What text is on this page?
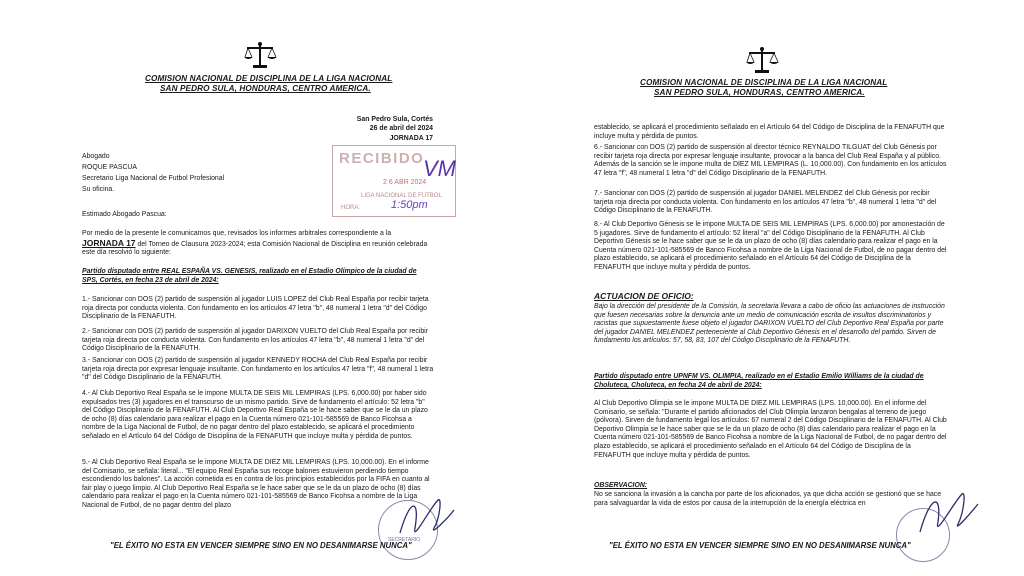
COMISION NACIONAL DE DISCIPLINA DE LA LIGA NACIONAL
SAN PEDRO SULA, HONDURAS, CENTRO AMERICA.
San Pedro Sula, Cortés
26 de abril del 2024
JORNADA 17
Abogado
ROQUE PASCUA
Secretario Liga Nacional de Futbol Profesional
Su oficina.
RECIBIDO
2 6 ABR 2024
LIGA NACIONAL DE FUTBOL
HORA:	1:50pm
VM
Estimado Abogado Pascua:

Por medio de la presente le comunicamos que, revisados los informes arbitrales correspondiente a la JORNADA 17 del Torneo de Clausura 2023-2024; esta Comisión Nacional de Disciplina en reunión celebrada este día resolvió lo siguiente:

Partido disputado entre REAL ESPAÑA VS. GENESIS, realizado en el Estadio Olímpico de la ciudad de SPS, Cortés, en fecha 23 de abril de 2024:

1.- Sancionar con DOS (2) partido de suspensión al jugador LUIS LOPEZ del Club Real España por recibir tarjeta roja directa por conducta violenta. Con fundamento en los artículos 47 letra "b", 48 numeral 1 letra "d" del Código Disciplinario de la FENAFUTH.

2.- Sancionar con DOS (2) partido de suspensión al jugador DARIXON VUELTO del Club Real España por recibir tarjeta roja directa por conducta violenta. Con fundamento en los artículos 47 letra "b", 48 numeral 1 letra "d" del Código Disciplinario de la FENAFUTH.

3.- Sancionar con DOS (2) partido de suspensión al jugador KENNEDY ROCHA del Club Real España por recibir tarjeta roja directa por expresar lenguaje insultante. Con fundamento en los artículos 47 letra "f", 48 numeral 1 letra "d" del Código Disciplinario de la FENAFUTH.

4.- Al Club Deportivo Real España se le impone MULTA DE SEIS MIL LEMPIRAS (LPS. 6,000.00) por haber sido expulsados tres (3) jugadores en el transcurso de un mismo partido. Sirve de fundamento el artículo: 52 letra "b" del Código Disciplinario de la FENAFUTH. Al Club Deportivo Real España se le hace saber que se le da un plazo de ocho (8) días calendario para realizar el pago en la Cuenta número 021-101-585569 de Banco Ficohsa a nombre de la Liga Nacional de Futbol, de no pagar dentro del plazo establecido, se aplicará el procedimiento señalado en el Artículo 64 del Código de Disciplina de la FENAFUTH que incluye multa y pérdida de puntos.

5.- Al Club Deportivo Real España se le impone MULTA DE DIEZ MIL LEMPIRAS (LPS. 10,000.00). En el informe del Comisario, se señala: literal... "El equipo Real España sus recoge balones estuvieron perdiendo tiempo escondiendo los balones". La acción cometida es en contra de los principios establecidos por la FIFA en cuanto al fair play o juego limpio. Al Club Deportivo Real España se le hace saber que se le da un plazo de ocho (8) días calendario para realizar el pago en la Cuenta número 021-101-585569 de Banco Ficohsa a nombre de la Liga Nacional de Futbol, de no pagar dentro del plazo

SECRETARIO
"EL ÉXITO NO ESTA EN VENCER SIEMPRE SINO EN NO DESANIMARSE NUNCA"
COMISION NACIONAL DE DISCIPLINA DE LA LIGA NACIONAL
SAN PEDRO SULA, HONDURAS, CENTRO AMERICA.

establecido, se aplicará el procedimiento señalado en el Artículo 64 del Código de Disciplina de la FENAFUTH que incluye multa y pérdida de puntos.

6.- Sancionar con DOS (2) partido de suspensión al director técnico REYNALDO TILGUAT del Club Génesis por recibir tarjeta roja directa por expresar lenguaje insultante, provocar a la banca del Club Real España y al público. Además de la sanción se le impone multa de DIEZ MIL LEMPIRAS (L. 10,000.00). Con fundamento en los artículos 47 letra "f", 48 numeral 1 letra "d" del Código Disciplinario de la FENAFUTH.

7.- Sancionar con DOS (2) partido de suspensión al jugador DANIEL MELENDEZ del Club Génesis por recibir tarjeta roja directa por conducta violenta. Con fundamento en los artículos 47 letra "b", 48 numeral 1 letra "d" del Código Disciplinario de la FENAFUTH.

8.- Al Club Deportivo Génesis se le impone MULTA DE SEIS MIL LEMPIRAS (LPS. 6,000.00) por amonestación de 5 jugadores. Sirve de fundamento el artículo: 52 literal "a" del Código Disciplinario de la FENAFUTH. Al Club Deportivo Génesis se le hace saber que se le da un plazo de ocho (8) días calendario para realizar el pago en la Cuenta número 021-101-585569 de Banco Ficohsa a nombre de la Liga Nacional de Futbol, de no pagar dentro del plazo establecido, se aplicará el procedimiento señalado en el Artículo 64 del Código de Disciplina de la FENAFUTH que incluye multa y pérdida de puntos.

ACTUACION DE OFICIO:

Bajo la dirección del presidente de la Comisión, la secretaria llevara a cabo de oficio las actuaciones de instrucción que fuesen necesarias sobre la denuncia ante un medio de comunicación escrita de insultos discriminatorios y racistas que supuestamente fuese objeto el jugador DARIXON VUELTO del Club Deportivo Real España por parte del jugador DANIEL MELENDEZ perteneciente al Club Deportivo Génesis en el desarrollo del partido. Sirven de fundamento los artículos: 57, 58, 83, 107 del Código Disciplinario de la FENAFUTH.

Partido disputado entre UPNFM VS. OLIMPIA, realizado en el Estadio Emilio Williams de la ciudad de Choluteca, Choluteca, en fecha 24 de abril de 2024:

Al Club Deportivo Olimpia se le impone MULTA DE DIEZ MIL LEMPIRAS (LPS. 10,000.00). En el informe del Comisario, se señala: "Durante el partido aficionados del Club Olimpia lanzaron bengalas al terreno de juego (pólvora). Sirven de fundamento legal los artículos: 67 numeral 2 del Código Disciplinario de la FENAFUTH. Al Club Deportivo Olimpia se le hace saber que se le da un plazo de ocho (8) días calendario para realizar el pago en la Cuenta número 021-101-585569 de Banco Ficohsa a nombre de la Liga Nacional de Futbol, de no pagar dentro del plazo establecido, se aplicará el procedimiento señalado en el Artículo 64 del Código de Disciplina de la FENAFUTH que incluye multa y pérdida de puntos.

OBSERVACION:

No se sanciona la invasión a la cancha por parte de los aficionados, ya que dicha acción se gestionó que se hace para salvaguardar la vida de estos por causa de la interrupción de la energía eléctrica en

"EL ÉXITO NO ESTA EN VENCER SIEMPRE SINO EN NO DESANIMARSE NUNCA"
